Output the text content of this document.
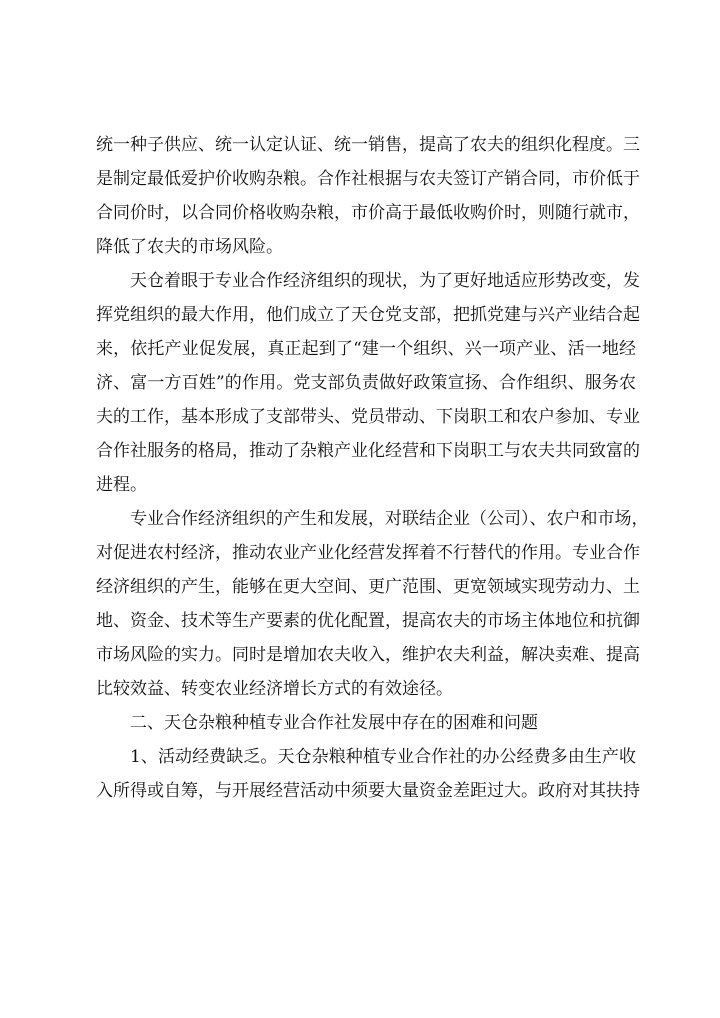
统一种子供应、统一认定认证、统一销售，提高了农夫的组织化程度。三
是制定最低爱护价收购杂粮。合作社根据与农夫签订产销合同，市价低于
合同价时，以合同价格收购杂粮，市价高于最低收购价时，则随行就市，
降低了农夫的市场风险。
天仓着眼于专业合作经济组织的现状，为了更好地适应形势改变，发
挥党组织的最大作用，他们成立了天仓党支部，把抓党建与兴产业结合起
来，依托产业促发展，真正起到了“建一个组织、兴一项产业、活一地经
济、富一方百姓”的作用。党支部负责做好政策宣扬、合作组织、服务农
夫的工作，基本形成了支部带头、党员带动、下岗职工和农户参加、专业
合作社服务的格局，推动了杂粮产业化经营和下岗职工与农夫共同致富的
进程。
专业合作经济组织的产生和发展，对联结企业（公司）、农户和市场，
对促进农村经济，推动农业产业化经营发挥着不行替代的作用。专业合作
经济组织的产生，能够在更大空间、更广范围、更宽领域实现劳动力、土
地、资金、技术等生产要素的优化配置，提高农夫的市场主体地位和抗御
市场风险的实力。同时是增加农夫收入，维护农夫利益，解决卖难、提高
比较效益、转变农业经济增长方式的有效途径。
二、天仓杂粮种植专业合作社发展中存在的困难和问题
1、活动经费缺乏。天仓杂粮种植专业合作社的办公经费多由生产收
入所得或自筹，与开展经营活动中须要大量资金差距过大。政府对其扶持
